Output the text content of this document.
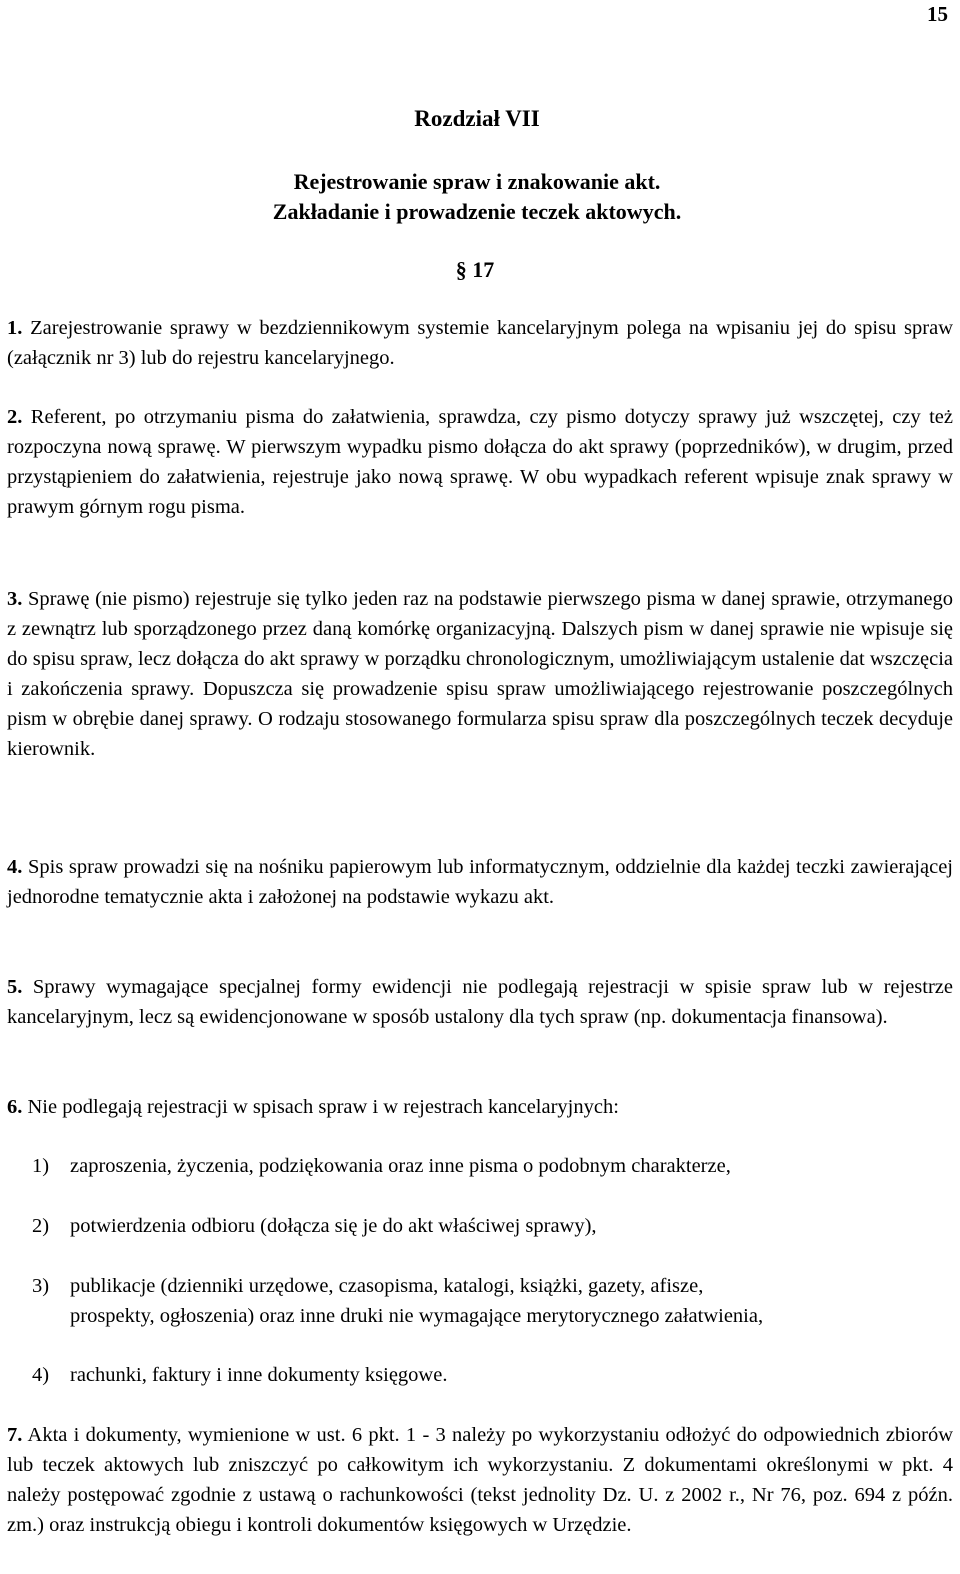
15
Rozdział VII
Rejestrowanie spraw i znakowanie akt.
Zakładanie i prowadzenie teczek aktowych.
§ 17

1. Zarejestrowanie sprawy w bezdziennikowym systemie kancelaryjnym polega na wpisaniu jej do spisu spraw (załącznik nr 3) lub do rejestru kancelaryjnego.

2. Referent, po otrzymaniu pisma do załatwienia, sprawdza, czy pismo dotyczy sprawy już wszczętej, czy też rozpoczyna nową sprawę. W pierwszym wypadku pismo dołącza do akt sprawy (poprzedników), w drugim, przed przystąpieniem do załatwienia, rejestruje jako nową sprawę. W obu wypadkach referent wpisuje znak sprawy w prawym górnym rogu pisma.

3. Sprawę (nie pismo) rejestruje się tylko jeden raz na podstawie pierwszego pisma w danej sprawie, otrzymanego z zewnątrz lub sporządzonego przez daną komórkę organizacyjną. Dalszych pism w danej sprawie nie wpisuje się do spisu spraw, lecz dołącza do akt sprawy w porządku chronologicznym, umożliwiającym ustalenie dat wszczęcia i zakończenia sprawy. Dopuszcza się prowadzenie spisu spraw umożliwiającego rejestrowanie poszczególnych pism w obrębie danej sprawy. O rodzaju stosowanego formularza spisu spraw dla poszczególnych teczek decyduje kierownik.

4. Spis spraw prowadzi się na nośniku papierowym lub informatycznym, oddzielnie dla każdej teczki zawierającej jednorodne tematycznie akta i założonej na podstawie wykazu akt.

5. Sprawy wymagające specjalnej formy ewidencji nie podlegają rejestracji w spisie spraw lub w rejestrze kancelaryjnym, lecz są ewidencjonowane w sposób ustalony dla tych spraw (np. dokumentacja finansowa).

6. Nie podlegają rejestracji w spisach spraw i w rejestrach kancelaryjnych:

1) zaproszenia, życzenia, podziękowania oraz inne pisma o podobnym charakterze,
2) potwierdzenia odbioru (dołącza się je do akt właściwej sprawy),
3) publikacje (dzienniki urzędowe, czasopisma, katalogi, książki, gazety, afisze,
prospekty, ogłoszenia) oraz inne druki nie wymagające merytorycznego załatwienia,
4) rachunki, faktury i inne dokumenty księgowe.

7. Akta i dokumenty, wymienione w ust. 6 pkt. 1 - 3 należy po wykorzystaniu odłożyć do odpowiednich zbiorów lub teczek aktowych lub zniszczyć po całkowitym ich wykorzystaniu. Z dokumentami określonymi w pkt. 4 należy postępować zgodnie z ustawą o rachunkowości (tekst jednolity Dz. U. z 2002 r., Nr 76, poz. 694 z późn. zm.) oraz instrukcją obiegu i kontroli dokumentów księgowych w Urzędzie.
